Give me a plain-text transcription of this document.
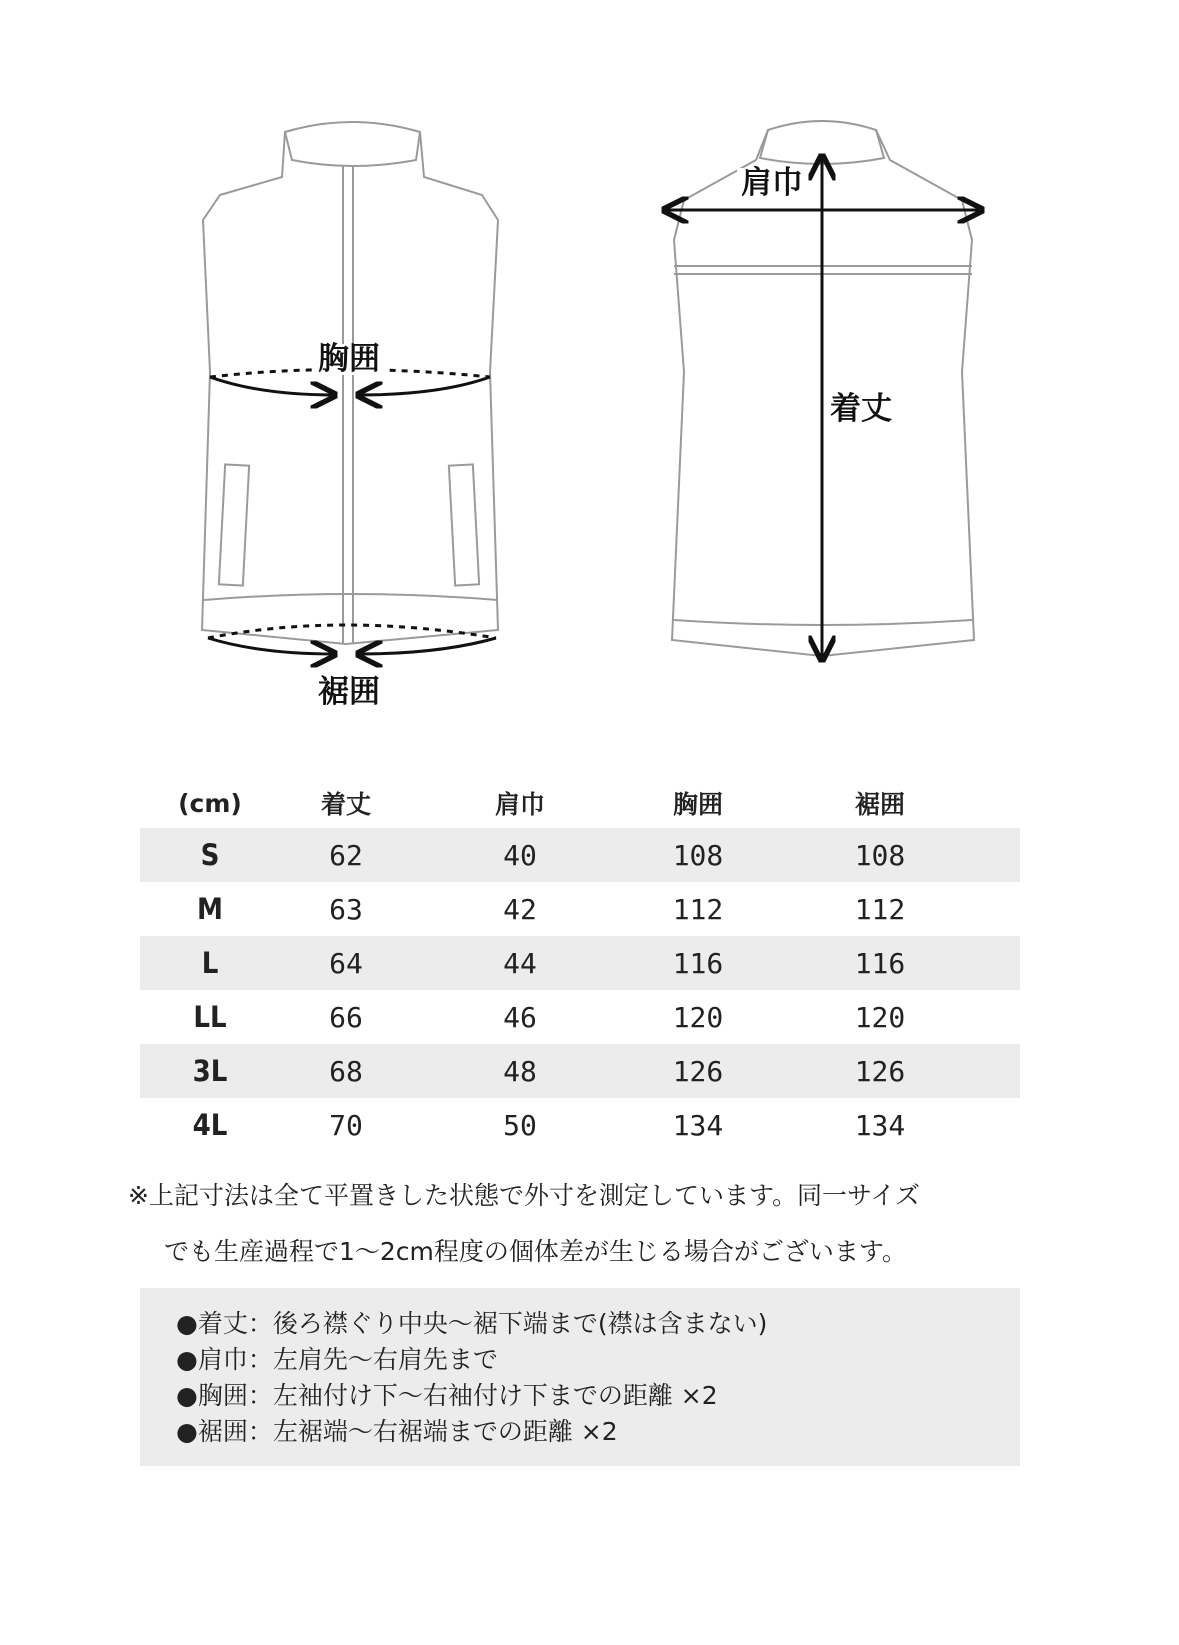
胸囲
裾囲
肩巾
着丈
(cm)	着丈	肩巾	胸囲	裾囲
S	62	40	108	108
M	63	42	112	112
L	64	44	116	116
LL	66	46	120	120
3L	68	48	126	126
4L	70	50	134	134
※上記寸法は全て平置きした状態で外寸を測定しています。同一サイズ
でも生産過程で1〜2cm程度の個体差が生じる場合がございます。
●着丈：後ろ襟ぐり中央〜裾下端まで(襟は含まない)
●肩巾：左肩先〜右肩先まで
●胸囲：左袖付け下〜右袖付け下までの距離 ×2
●裾囲：左裾端〜右裾端までの距離 ×2
